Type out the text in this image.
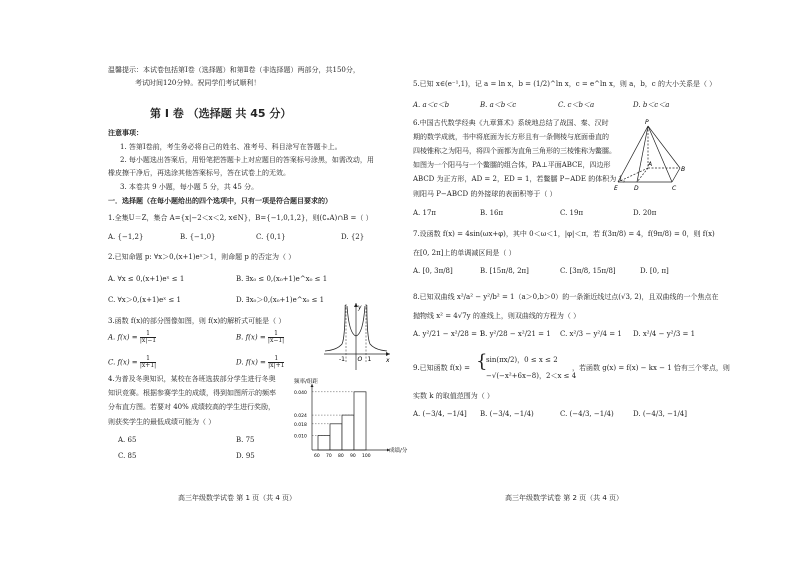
温馨提示：本试卷包括第Ⅰ卷（选择题）和第Ⅱ卷（非选择题）两部分，共150分，
考试时间120分钟。祝同学们考试顺利！
第 Ⅰ 卷 （选择题 共 45 分）
注意事项：
1. 答第Ⅰ卷前，考生务必将自己的姓名、准考号、科目涂写在答题卡上。
2. 每小题选出答案后，用铅笔把答题卡上对应题目的答案标号涂黑，如需改动，用
橡皮擦干净后，再选涂其他答案标号，答在试卷上的无效。
3. 本卷共 9 小题，每小题 5 分，共 45 分。
一．选择题（在每小题给出的四个选项中，只有一项是符合题目要求的）
1.全集U＝Z，集合 A={x|−2＜x＜2, x∈N}，B={−1,0,1,2}，则(∁ᵤA)∩B =（ ）
A. {−1,2}	B. {−1,0}	C. {0,1}	D. {2}
2.已知命题 p: ∀x＞0,(x+1)eˣ＞1，则命题 p 的否定为（ ）
A. ∀x ≤ 0,(x+1)eˣ ≤ 1	B. ∃x₀ ≤ 0,(x₀+1)e^x₀ ≤ 1
C. ∀x＞0,(x+1)eˣ ≤ 1	D. ∃x₀＞0,(x₀+1)e^x₀ ≤ 1
3.函数 f(x)的部分图像如图，则 f(x)的解析式可能是（ ）
A. $f(x) = \frac{1}{|x|-1}$	B. $f(x) = \frac{1}{|x-1|}$
C. $f(x) = \frac{1}{|x+1|}$	D. $f(x) = \frac{1}{|x|+1}$
y
x
O
-1	1
4.为普及冬奥知识，某校在各班选拔部分学生进行冬奥
知识竞赛。根据参赛学生的成绩，得到如图所示的频率
分布直方图。若要对 40% 成绩较高的学生进行奖励，
则获奖学生的最低成绩可能为（ ）
A. 65	B. 75
C. 85	D. 95
0.010
0.018
0.024
0.040
60 70 80 90 100
频率/组距
成绩/分
高三年级数学试卷 第 1 页（共 4 页）
5.已知 x∈(e⁻¹,1)，记 a = ln x，b = (1/2)^ln x，c = e^ln x，则 a，b，c 的大小关系是（ ）
A. a＜c＜b	B. a＜b＜c	C. c＜b＜a	D. b＜c＜a
6.中国古代数学经典《九章算术》系统地总结了战国、秦、汉时
期的数学成就，书中将底面为长方形且有一条侧棱与底面垂直的
四棱锥称之为阳马，将四个面都为直角三角形的三棱锥称为鳖臑。
如图为一个阳马与一个鳖臑的组合体，PA⊥平面ABCE，四边形
ABCD 为正方形，AD = 2，ED = 1，若鳖臑 P−ADE 的体积为 1，
则阳马 P−ABCD 的外接球的表面积等于（ ）
A. 17π	B. 16π	C. 19π	D. 20π
P
A
B
C
D
E
7.设函数 f(x) = 4sin(ωx+φ)，其中 0＜ω＜1，|φ|＜π，若 f(3π/8) = 4，f(9π/8) = 0，则 f(x)
在[0, 2π]上的单调减区间是（ ）
A. [0, 3π/8]	B. [15π/8, 2π]	C. [3π/8, 15π/8]	D. [0, π]
8.已知双曲线 x²/a² − y²/b² = 1（a＞0,b＞0）的一条渐近线过点(√3, 2)，且双曲线的一个焦点在
抛物线 x² = 4√7y 的准线上，则双曲线的方程为（ ）
A. y²/21 − x²/28 = 1
B. y²/28 − x²/21 = 1 C. x²/3 − y²/4 = 1 D. x²/4 − y²/3 = 1
9.已知函数 f(x) = {
sin(πx/2)，0 ≤ x ≤ 2
−√(−x²+6x−8)，2＜x ≤ 4
，若函数 g(x) = f(x) − kx − 1 恰有三个零点，则
实数 k 的取值范围为（ ）
A. (−3/4, −1/4] B. (−3/4, −1/4)	C. (−4/3, −1/4)	D. (−4/3, −1/4]
高三年级数学试卷 第 2 页（共 4 页）
